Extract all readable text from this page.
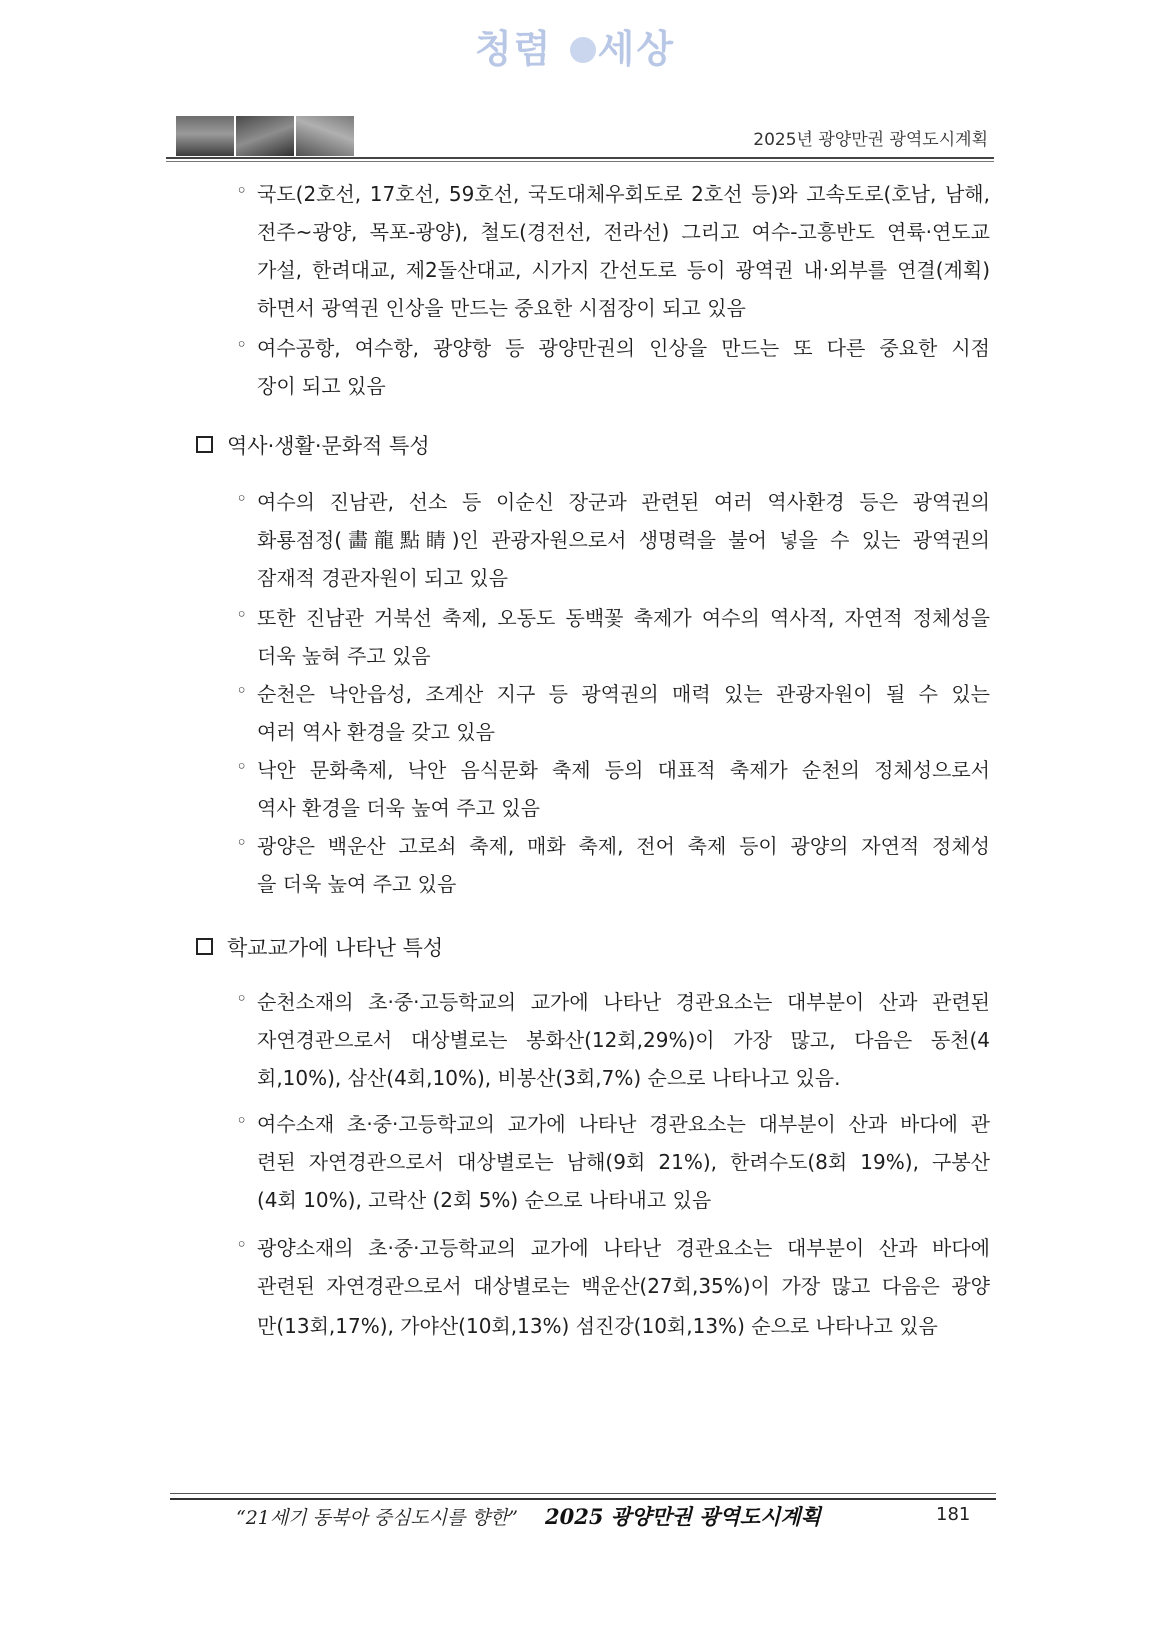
청렴 세상
2025년 광양만권 광역도시계획
◦ 국도(2호선, 17호선, 59호선, 국도대체우회도로 2호선 등)와 고속도로(호남, 남해,
전주~광양, 목포-광양), 철도(경전선, 전라선) 그리고 여수-고흥반도 연륙·연도교
가설, 한려대교, 제2돌산대교, 시가지 간선도로 등이 광역권 내·외부를 연결(계획)
하면서 광역권 인상을 만드는 중요한 시점장이 되고 있음
◦ 여수공항, 여수항, 광양항 등 광양만권의 인상을 만드는 또 다른 중요한 시점
장이 되고 있음
역사·생활·문화적 특성
◦ 여수의 진남관, 선소 등 이순신 장군과 관련된 여러 역사환경 등은 광역권의
화룡점정(畵龍點睛)인 관광자원으로서 생명력을 불어 넣을 수 있는 광역권의
잠재적 경관자원이 되고 있음
◦ 또한 진남관 거북선 축제, 오동도 동백꽃 축제가 여수의 역사적, 자연적 정체성을
더욱 높혀 주고 있음
◦ 순천은 낙안읍성, 조계산 지구 등 광역권의 매력 있는 관광자원이 될 수 있는
여러 역사 환경을 갖고 있음
◦ 낙안 문화축제, 낙안 음식문화 축제 등의 대표적 축제가 순천의 정체성으로서
역사 환경을 더욱 높여 주고 있음
◦ 광양은 백운산 고로쇠 축제, 매화 축제, 전어 축제 등이 광양의 자연적 정체성
을 더욱 높여 주고 있음
학교교가에 나타난 특성
◦ 순천소재의 초·중·고등학교의 교가에 나타난 경관요소는 대부분이 산과 관련된
자연경관으로서 대상별로는 봉화산(12회,29%)이 가장 많고, 다음은 동천(4
회,10%), 삼산(4회,10%), 비봉산(3회,7%) 순으로 나타나고 있음.
◦ 여수소재 초·중·고등학교의 교가에 나타난 경관요소는 대부분이 산과 바다에 관
련된 자연경관으로서 대상별로는 남해(9회 21%), 한려수도(8회 19%), 구봉산
(4회 10%), 고락산 (2회 5%) 순으로 나타내고 있음
◦ 광양소재의 초·중·고등학교의 교가에 나타난 경관요소는 대부분이 산과 바다에
관련된 자연경관으로서 대상별로는 백운산(27회,35%)이 가장 많고 다음은 광양
만(13회,17%), 가야산(10회,13%) 섬진강(10회,13%) 순으로 나타나고 있음
“21세기 동북아 중심도시를 향한” 2025 광양만권 광역도시계획	181
